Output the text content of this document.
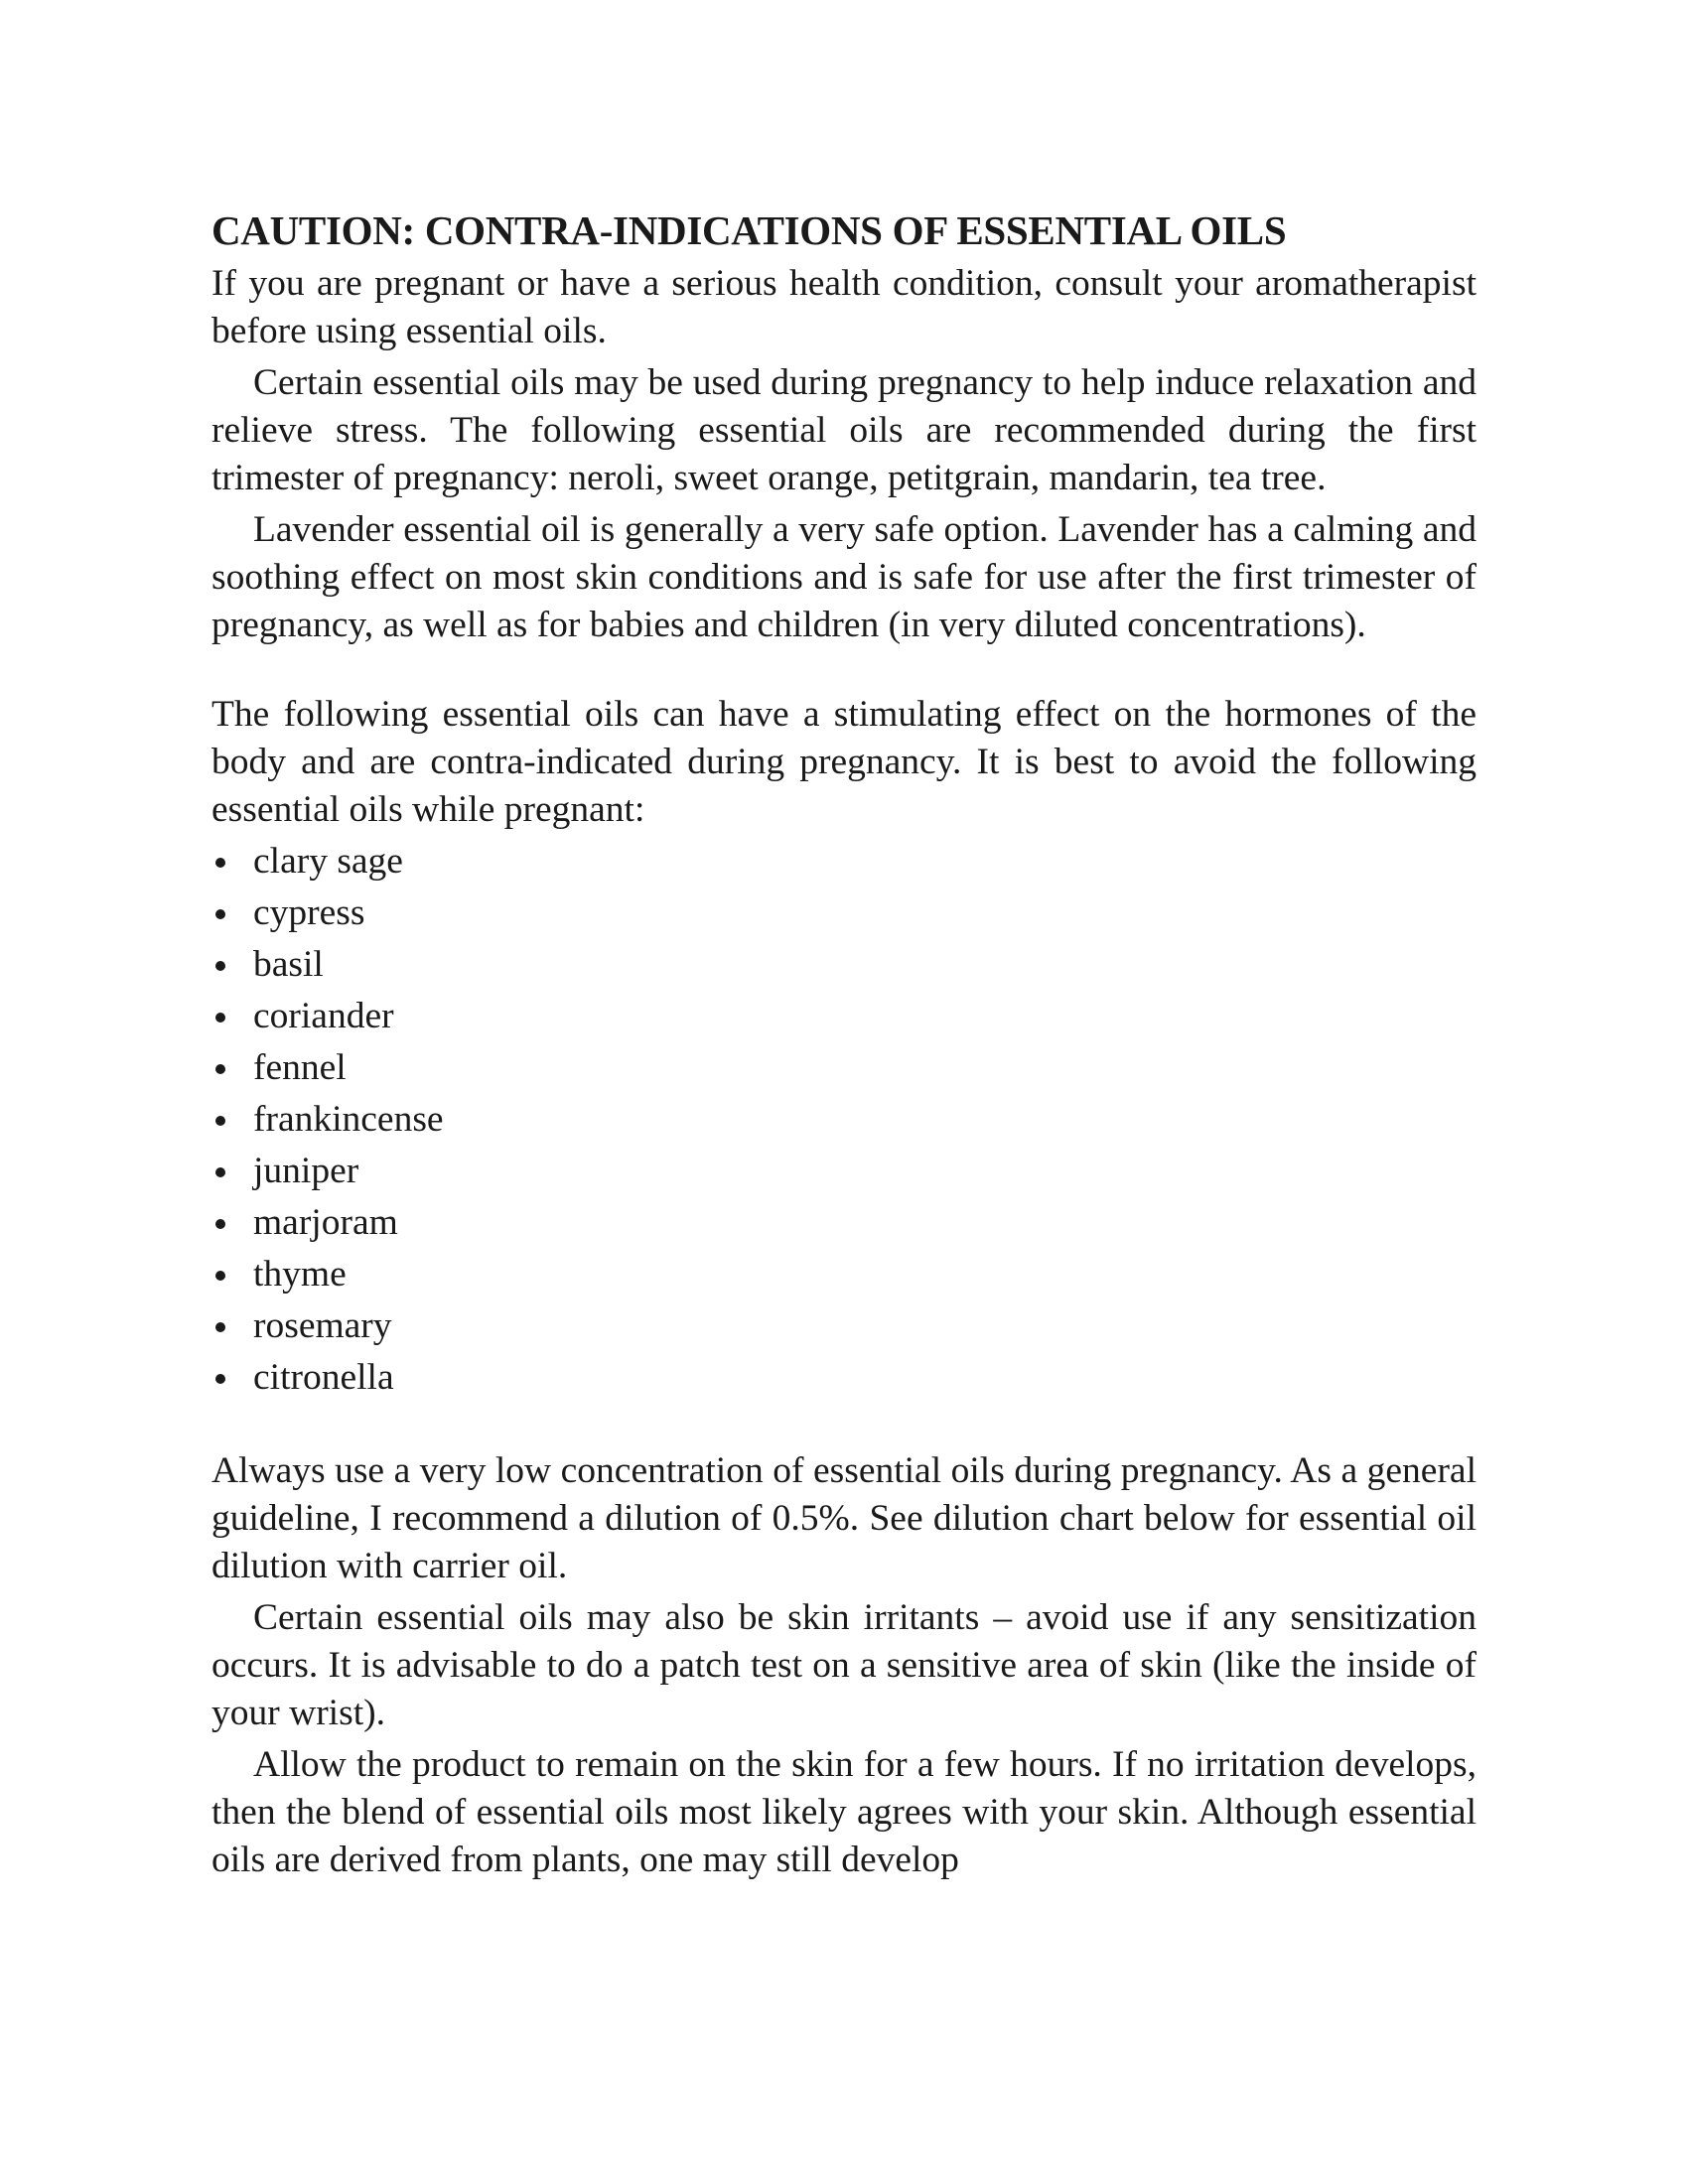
CAUTION: CONTRA-INDICATIONS OF ESSENTIAL OILS

If you are pregnant or have a serious health condition, consult your aromatherapist before using essential oils.

Certain essential oils may be used during pregnancy to help induce relaxation and relieve stress. The following essential oils are recommended during the first trimester of pregnancy: neroli, sweet orange, petitgrain, mandarin, tea tree.

Lavender essential oil is generally a very safe option. Lavender has a calming and soothing effect on most skin conditions and is safe for use after the first trimester of pregnancy, as well as for babies and children (in very diluted concentrations).

The following essential oils can have a stimulating effect on the hormones of the body and are contra-indicated during pregnancy. It is best to avoid the following essential oils while pregnant:

clary sage
cypress
basil
coriander
fennel
frankincense
juniper
marjoram
thyme
rosemary
citronella

Always use a very low concentration of essential oils during pregnancy. As a general guideline, I recommend a dilution of 0.5%. See dilution chart below for essential oil dilution with carrier oil.

Certain essential oils may also be skin irritants – avoid use if any sensitization occurs. It is advisable to do a patch test on a sensitive area of skin (like the inside of your wrist).

Allow the product to remain on the skin for a few hours. If no irritation develops, then the blend of essential oils most likely agrees with your skin. Although essential oils are derived from plants, one may still develop
